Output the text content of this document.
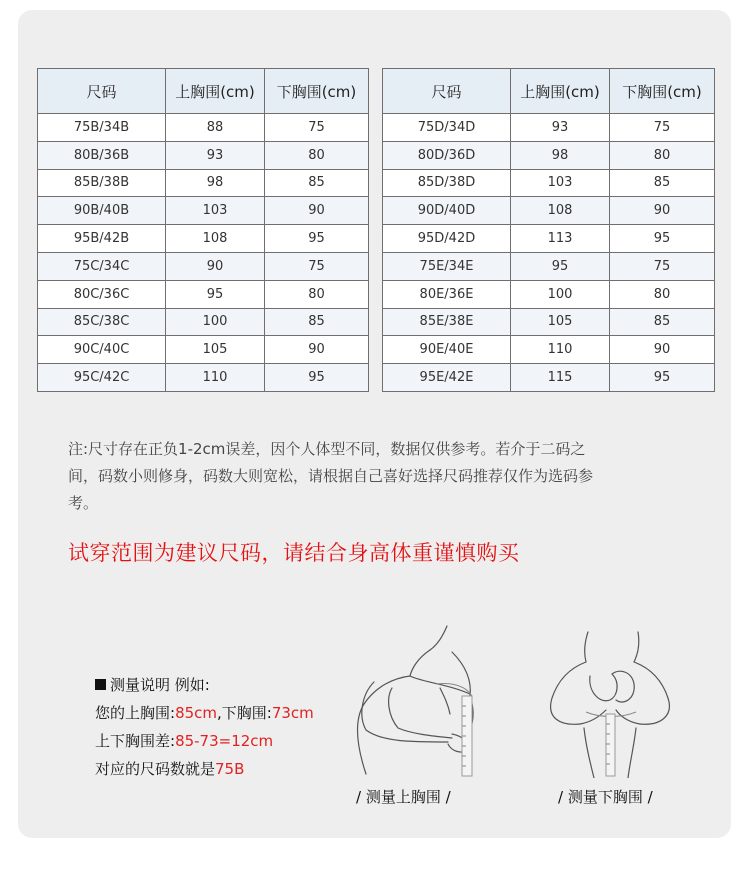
尺码	上胸围(cm)	下胸围(cm)
75B/34B	88	75
80B/36B	93	80
85B/38B	98	85
90B/40B	103	90
95B/42B	108	95
75C/34C	90	75
80C/36C	95	80
85C/38C	100	85
90C/40C	105	90
95C/42C	110	95
尺码	上胸围(cm)	下胸围(cm)
75D/34D	93	75
80D/36D	98	80
85D/38D	103	85
90D/40D	108	90
95D/42D	113	95
75E/34E	95	75
80E/36E	100	80
85E/38E	105	85
90E/40E	110	90
95E/42E	115	95
注:尺寸存在正负1-2cm误差，因个人体型不同，数据仅供参考。若介于二码之间，码数小则修身，码数大则宽松，请根据自己喜好选择尺码推荐仅作为选码参考。
试穿范围为建议尺码，请结合身高体重谨慎购买
测量说明 例如:
您的上胸围:85cm,下胸围:73cm
上下胸围差:85-73=12cm
对应的尺码数就是75B
/ 测量上胸围 /	/ 测量下胸围 /
